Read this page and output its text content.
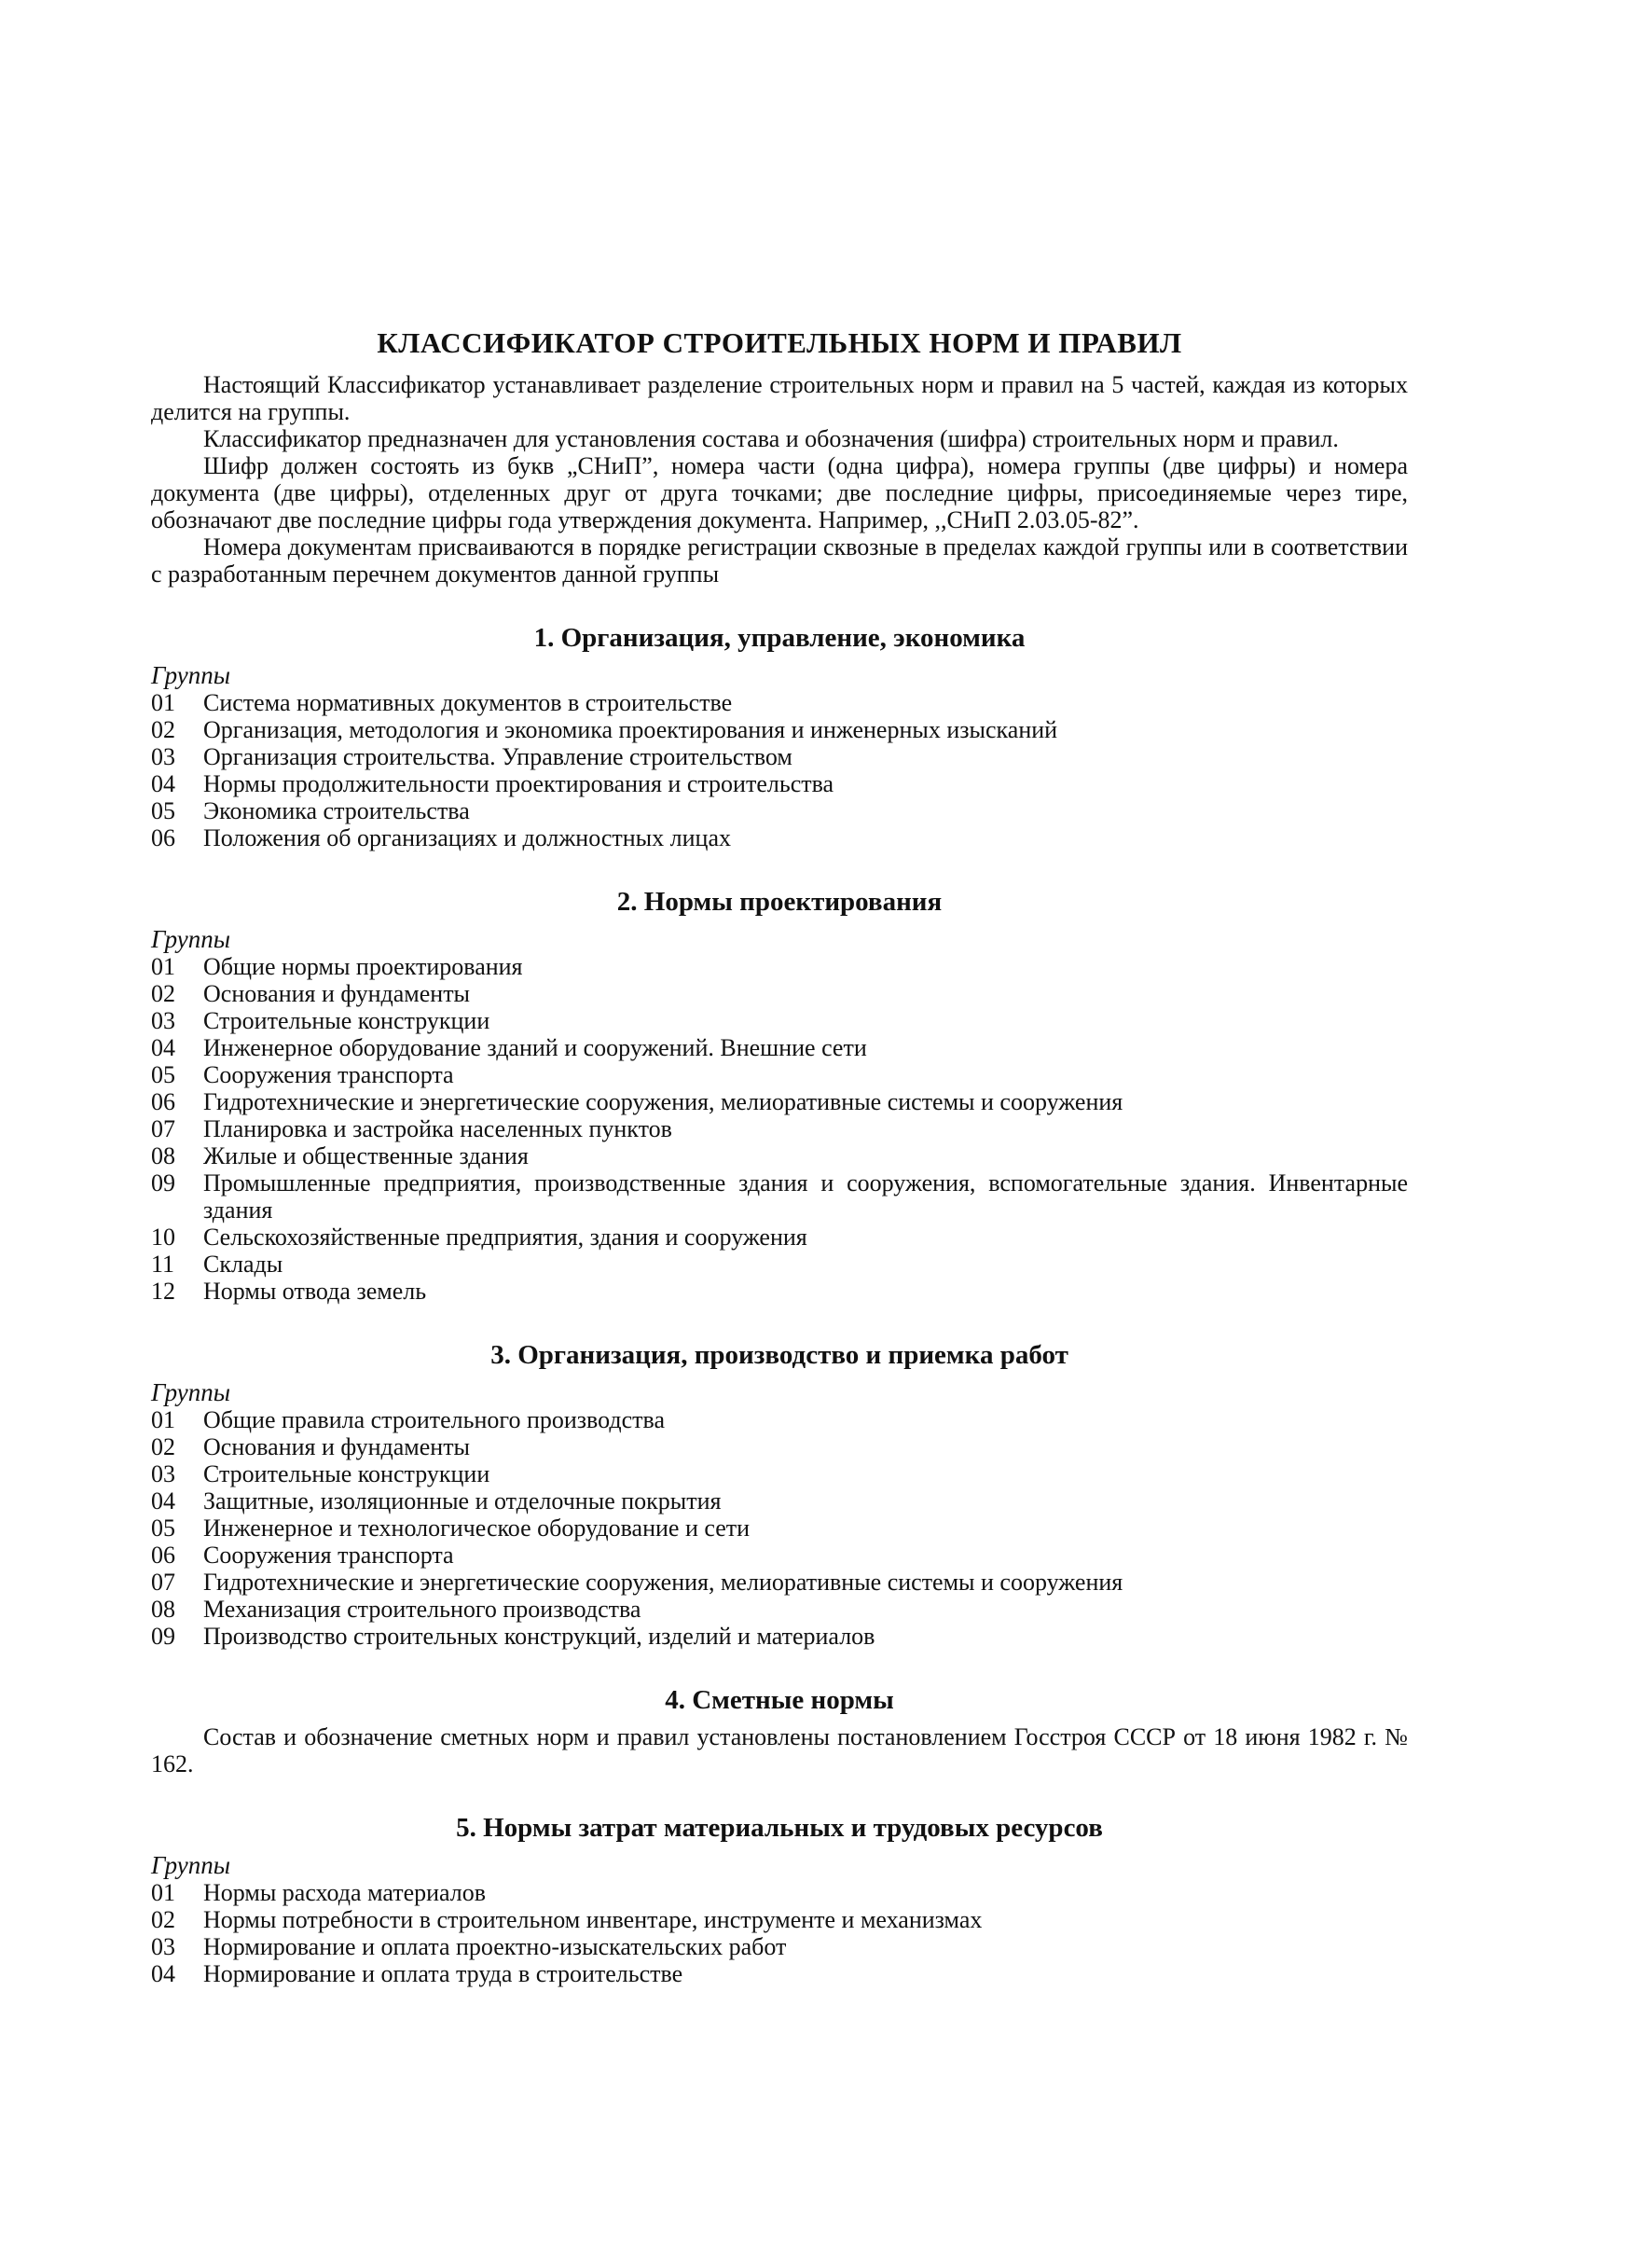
КЛАССИФИКАТОР СТРОИТЕЛЬНЫХ НОРМ И ПРАВИЛ

Настоящий Классификатор устанавливает разделение строительных норм и правил на 5 частей, каждая из которых делится на группы.

Классификатор предназначен для установления состава и обозначения (шифра) строительных норм и правил.

Шифр должен состоять из букв „СНиП”, номера части (одна цифра), номера группы (две цифры) и номера документа (две цифры), отделенных друг от друга точками; две последние цифры, присоединяемые через тире, обозначают две последние цифры года утверждения документа. Например, ,,СНиП 2.03.05-82”.

Номера документам присваиваются в порядке регистрации сквозные в пределах каждой группы или в соответствии с разработанным перечнем документов данной группы

1. Организация, управление, экономика
Группы
01	Система нормативных документов в строительстве
02	Организация, методология и экономика проектирования и инженерных изысканий
03	Организация строительства. Управление строительством
04	Нормы продолжительности проектирования и строительства
05	Экономика строительства
06	Положения об организациях и должностных лицах
2. Нормы проектирования
Группы
01	Общие нормы проектирования
02	Основания и фундаменты
03	Строительные конструкции
04	Инженерное оборудование зданий и сооружений. Внешние сети
05	Сооружения транспорта
06	Гидротехнические и энергетические сооружения, мелиоративные системы и сооружения
07	Планировка и застройка населенных пунктов
08	Жилые и общественные здания
09	Промышленные предприятия, производственные здания и сооружения, вспомогательные здания. Инвентарные здания
10	Сельскохозяйственные предприятия, здания и сооружения
11	Склады
12	Нормы отвода земель
3. Организация, производство и приемка работ
Группы
01	Общие правила строительного производства
02	Основания и фундаменты
03	Строительные конструкции
04	Защитные, изоляционные и отделочные покрытия
05	Инженерное и технологическое оборудование и сети
06	Сооружения транспорта
07	Гидротехнические и энергетические сооружения, мелиоративные системы и сооружения
08	Механизация строительного производства
09	Производство строительных конструкций, изделий и материалов
4. Сметные нормы

Состав и обозначение сметных норм и правил установлены постановлением Госстроя СССР от 18 июня 1982 г. № 162.

5. Нормы затрат материальных и трудовых ресурсов
Группы
01	Нормы расхода материалов
02	Нормы потребности в строительном инвентаре, инструменте и механизмах
03	Нормирование и оплата проектно-изыскательских работ
04	Нормирование и оплата труда в строительстве
